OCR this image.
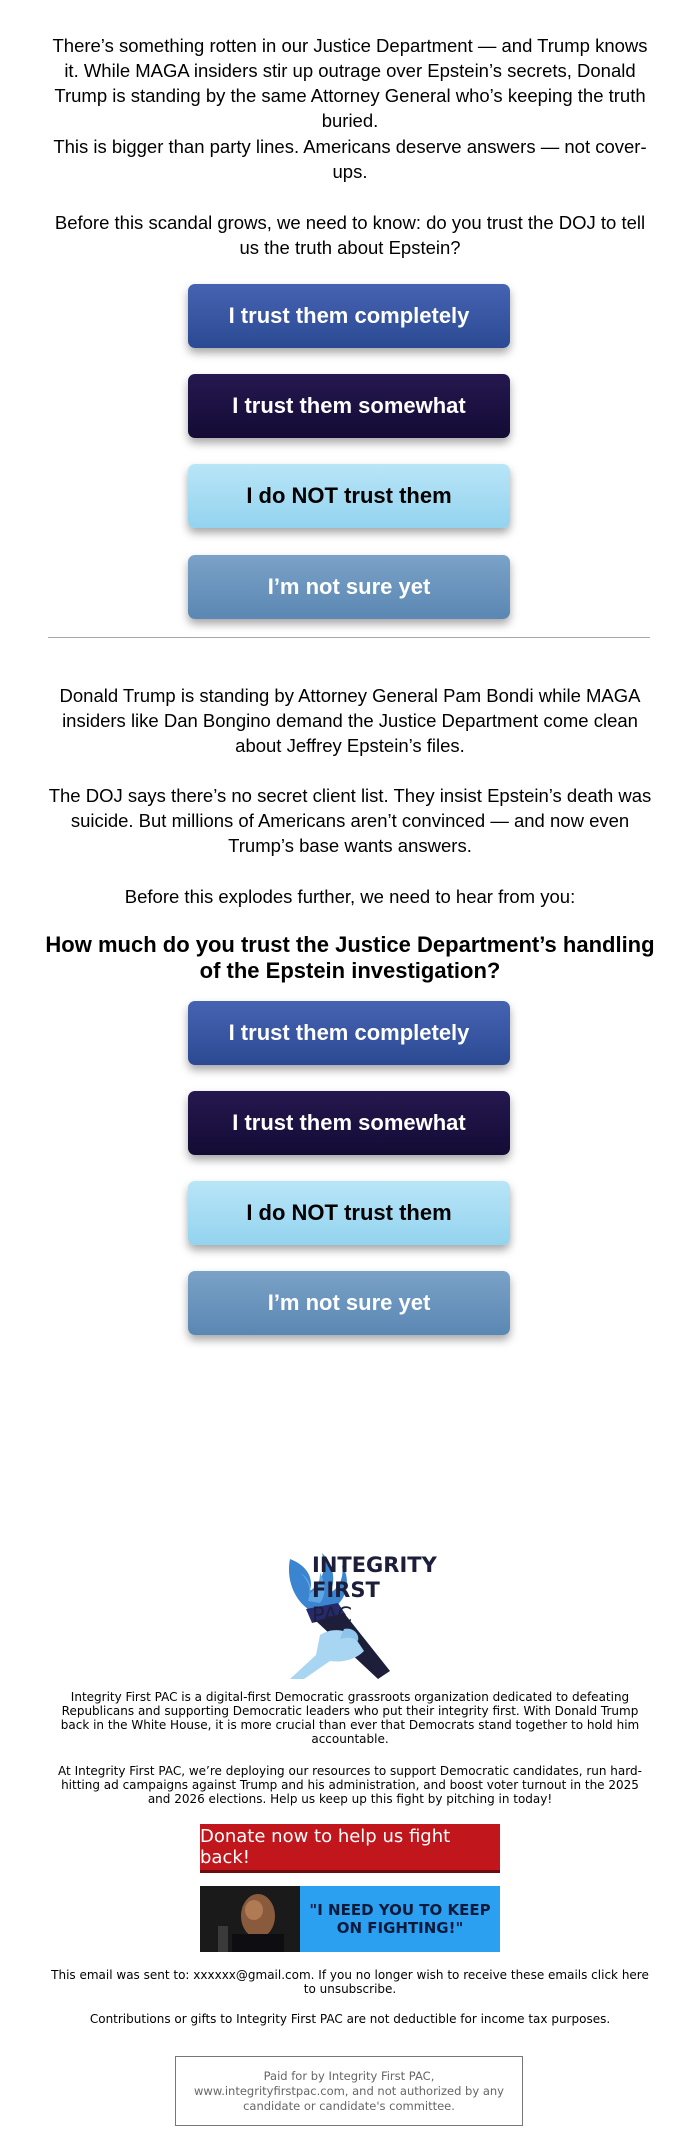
There’s something rotten in our Justice Department — and Trump knows it. While MAGA insiders stir up outrage over Epstein’s secrets, Donald Trump is standing by the same Attorney General who’s keeping the truth buried.

This is bigger than party lines. Americans deserve answers — not cover-ups.

Before this scandal grows, we need to know: do you trust the DOJ to tell us the truth about Epstein?

I trust them completely
I trust them somewhat
I do NOT trust them
I’m not sure yet

Donald Trump is standing by Attorney General Pam Bondi while MAGA insiders like Dan Bongino demand the Justice Department come clean about Jeffrey Epstein’s files.

The DOJ says there’s no secret client list. They insist Epstein’s death was suicide. But millions of Americans aren’t convinced — and now even Trump’s base wants answers.

Before this explodes further, we need to hear from you:

How much do you trust the Justice Department’s handling of the Epstein investigation?
I trust them completely
I trust them somewhat
I do NOT trust them
I’m not sure yet
INTEGRITY
FIRST
PAC

Integrity First PAC is a digital-first Democratic grassroots organization dedicated to defeating Republicans and supporting Democratic leaders who put their integrity first. With Donald Trump back in the White House, it is more crucial than ever that Democrats stand together to hold him accountable.

At Integrity First PAC, we’re deploying our resources to support Democratic candidates, run hard-hitting ad campaigns against Trump and his administration, and boost voter turnout in the 2025 and 2026 elections. Help us keep up this fight by pitching in today!

Donate now to help us fight back!
"I NEED YOU TO KEEP ON FIGHTING!"

This email was sent to: xxxxxx@gmail.com. If you no longer wish to receive these emails click here to unsubscribe.

Contributions or gifts to Integrity First PAC are not deductible for income tax purposes.

Paid for by Integrity First PAC, www.integrityfirstpac.com, and not authorized by any candidate or candidate's committee.
